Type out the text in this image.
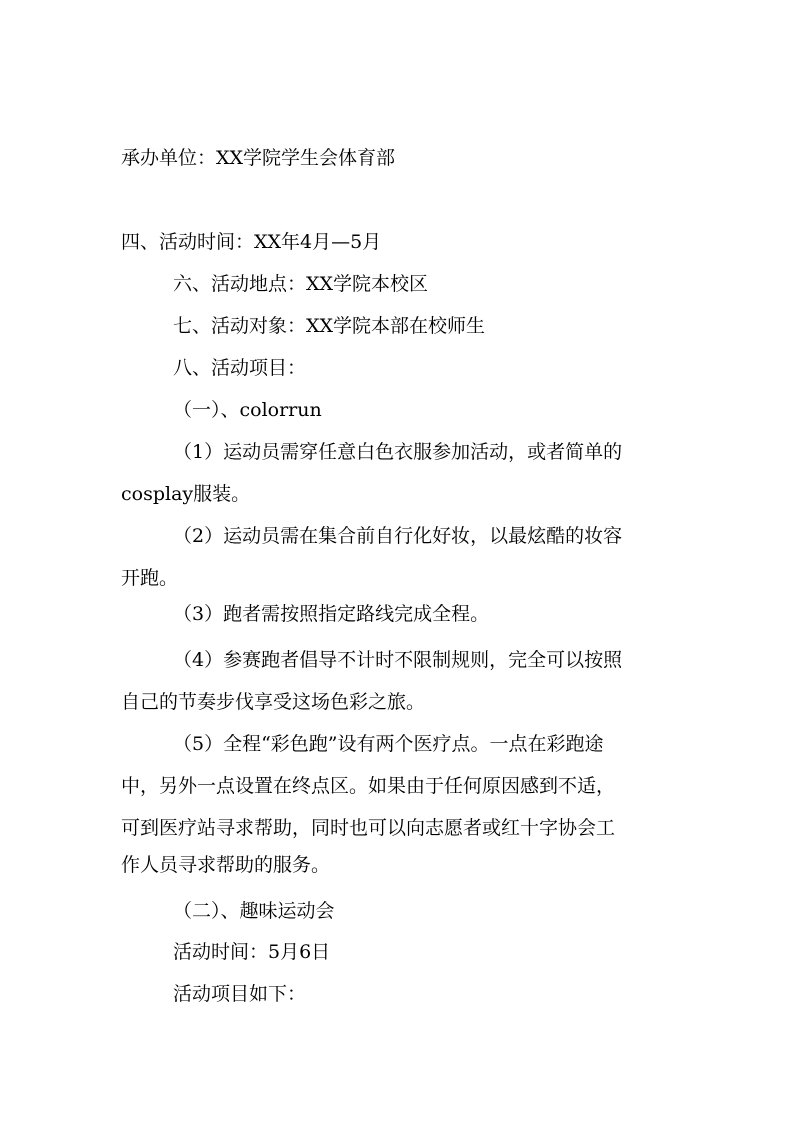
承办单位：XX学院学生会体育部
四、活动时间：XX年4月—5月
六、活动地点：XX学院本校区
七、活动对象：XX学院本部在校师生
八、活动项目：
（一）、colorrun
（1）运动员需穿任意白色衣服参加活动，或者简单的
cosplay服装。
（2）运动员需在集合前自行化好妆，以最炫酷的妆容
开跑。
（3）跑者需按照指定路线完成全程。
（4）参赛跑者倡导不计时不限制规则，完全可以按照
自己的节奏步伐享受这场色彩之旅。
（5）全程“彩色跑”设有两个医疗点。一点在彩跑途
中，另外一点设置在终点区。如果由于任何原因感到不适，
可到医疗站寻求帮助，同时也可以向志愿者或红十字协会工
作人员寻求帮助的服务。
（二）、趣味运动会
活动时间：5月6日
活动项目如下：
